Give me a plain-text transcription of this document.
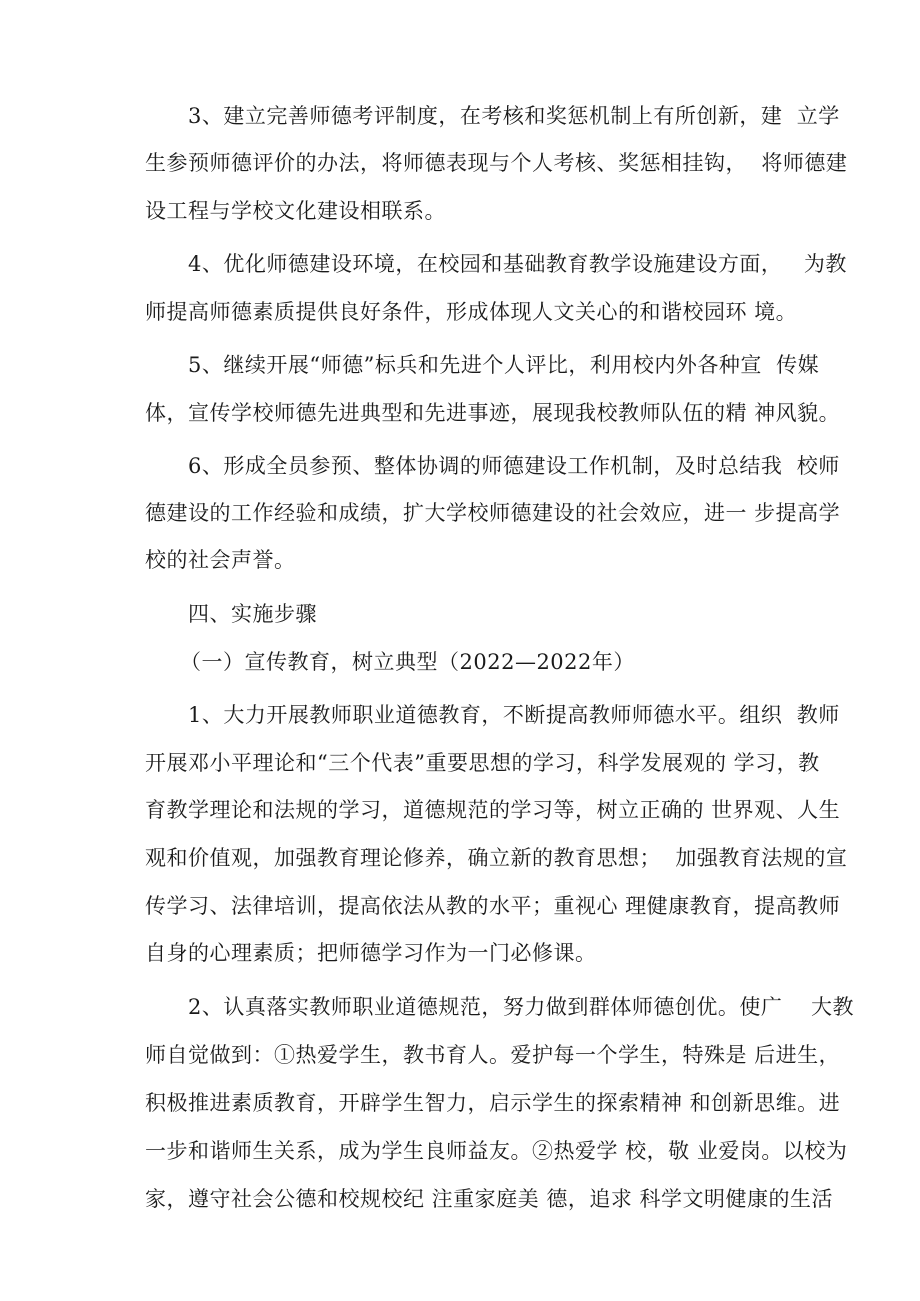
3、建立完善师德考评制度，在考核和奖惩机制上有所创新，建  立学
生参预师德评价的办法，将师德表现与个人考核、奖惩相挂钩，  将师德建
设工程与学校文化建设相联系。
4、优化师德建设环境，在校园和基础教育教学设施建设方面，   为教
师提高师德素质提供良好条件，形成体现人文关心的和谐校园环 境。
5、继续开展“师德”标兵和先进个人评比，利用校内外各种宣  传媒
体，宣传学校师德先进典型和先进事迹，展现我校教师队伍的精 神风貌。
6、形成全员参预、整体协调的师德建设工作机制，及时总结我  校师
德建设的工作经验和成绩，扩大学校师德建设的社会效应，进一 步提高学
校的社会声誉。
四、实施步骤
（一）宣传教育，树立典型（2022—2022年）
1、大力开展教师职业道德教育，不断提高教师师德水平。组织  教师
开展邓小平理论和“三个代表”重要思想的学习，科学发展观的 学习，教
育教学理论和法规的学习，道德规范的学习等，树立正确的 世界观、人生
观和价值观，加强教育理论修养，确立新的教育思想；  加强教育法规的宣
传学习、法律培训，提高依法从教的水平；重视心 理健康教育，提高教师
自身的心理素质；把师德学习作为一门必修课。
2、认真落实教师职业道德规范，努力做到群体师德创优。使广    大教
师自觉做到：①热爱学生，教书育人。爱护每一个学生，特殊是 后进生，
积极推进素质教育，开辟学生智力，启示学生的探索精神 和创新思维。进
一步和谐师生关系，成为学生良师益友。②热爱学 校，敬 业爱岗。以校为
家，遵守社会公德和校规校纪 注重家庭美 德，追求 科学文明健康的生活
